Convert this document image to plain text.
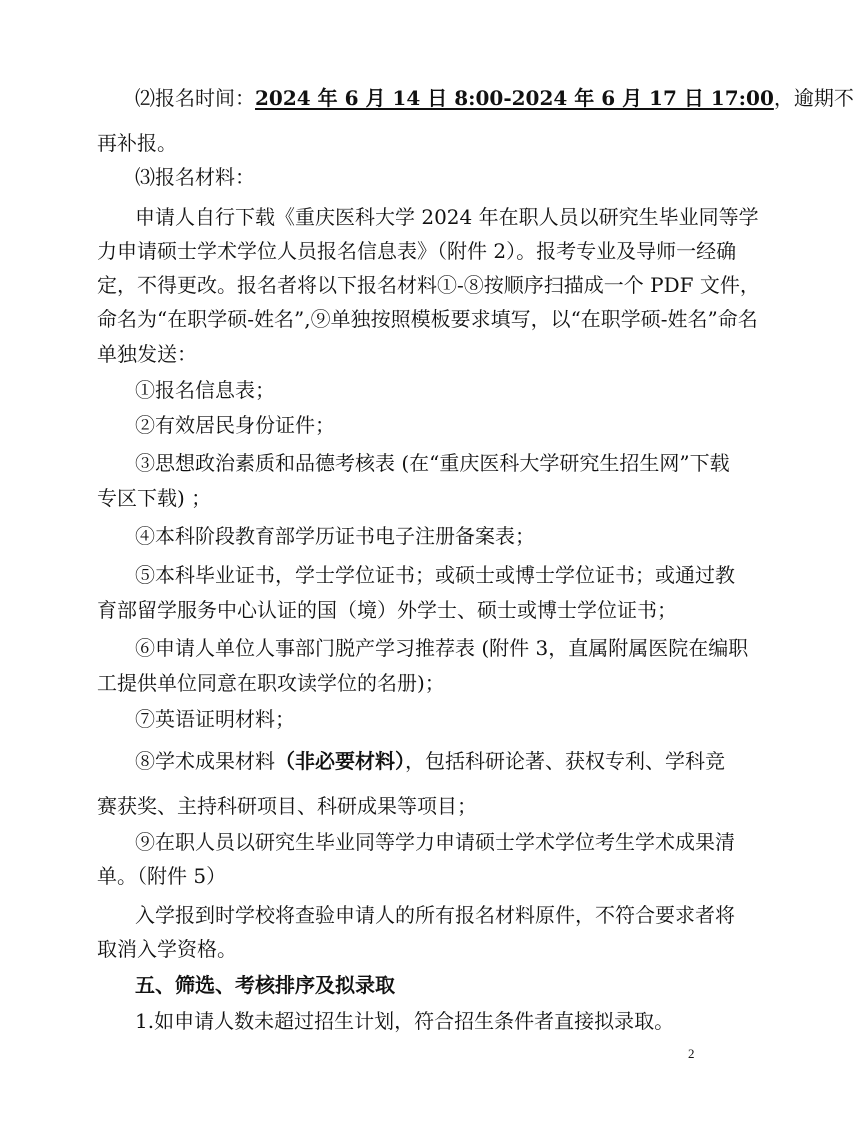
⑵报名时间：2024 年 6 月 14 日 8:00-2024 年 6 月 17 日 17:00，逾期不
再补报。
⑶报名材料：
申请人自行下载《重庆医科大学 2024 年在职人员以研究生毕业同等学
力申请硕士学术学位人员报名信息表》（附件 2）。报考专业及导师一经确
定，不得更改。报名者将以下报名材料①-⑧按顺序扫描成一个 PDF 文件，
命名为“在职学硕-姓名”,⑨单独按照模板要求填写，以“在职学硕-姓名”命名
单独发送：
①报名信息表；
②有效居民身份证件；
③思想政治素质和品德考核表 (在“重庆医科大学研究生招生网”下载
专区下载) ；
④本科阶段教育部学历证书电子注册备案表；
⑤本科毕业证书，学士学位证书；或硕士或博士学位证书；或通过教
育部留学服务中心认证的国（境）外学士、硕士或博士学位证书；
⑥申请人单位人事部门脱产学习推荐表 (附件 3，直属附属医院在编职
工提供单位同意在职攻读学位的名册)；
⑦英语证明材料；
⑧学术成果材料（非必要材料），包括科研论著、获权专利、学科竞
赛获奖、主持科研项目、科研成果等项目；
⑨在职人员以研究生毕业同等学力申请硕士学术学位考生学术成果清
单。（附件 5）
入学报到时学校将查验申请人的所有报名材料原件，不符合要求者将
取消入学资格。
五、筛选、考核排序及拟录取
1.如申请人数未超过招生计划，符合招生条件者直接拟录取。
2
